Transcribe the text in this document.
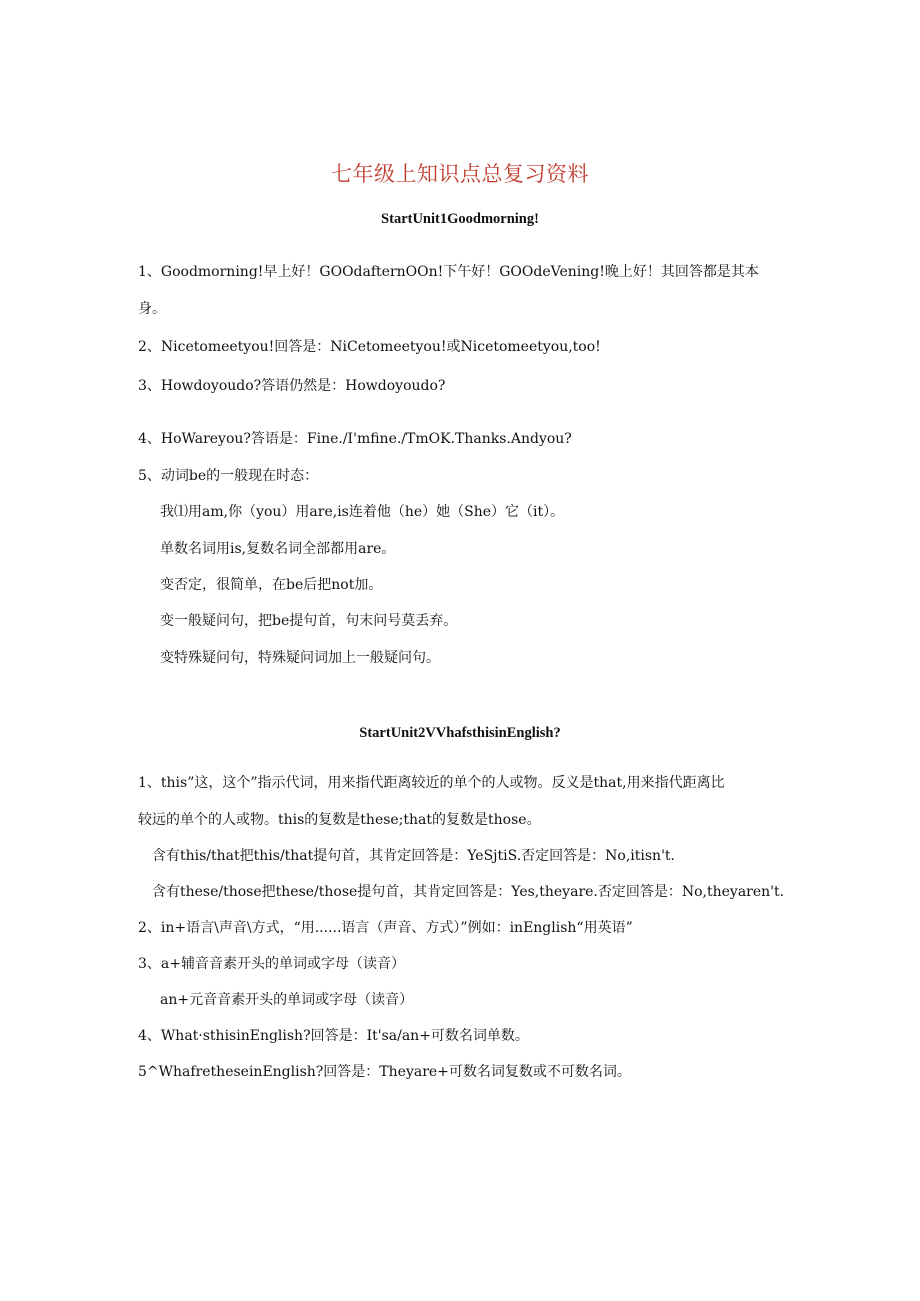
七年级上知识点总复习资料
StartUnit1Goodmorning!
1、Goodmorning!早上好！GOOdafternOOn!下午好！GOOdeVening!晚上好！其回答都是其本
身。
2、Nicetomeetyou!回答是：NiCetomeetyou!或Nicetomeetyou,too!
3、Howdoyoudo?答语仍然是：Howdoyoudo?
4、HoWareyou?答语是：Fine./I'mfine./TmOK.Thanks.Andyou?
5、动词be的一般现在时态：
我⑴用am,你（you）用are,is连着他（he）她（She）它（it）。
单数名词用is,复数名词全部都用are。
变否定，很简单，在be后把not加。
变一般疑问句，把be提句首，句末问号莫丢弃。
变特殊疑问句，特殊疑问词加上一般疑问句。
StartUnit2VVhafsthisinEnglish?
1、this”这，这个”指示代词，用来指代距离较近的单个的人或物。反义是that,用来指代距离比
较远的单个的人或物。this的复数是these;that的复数是those。
含有this/that把this/that提句首，其肯定回答是：YeSjtiS.否定回答是：No,itisn't.
含有these/those把these/those提句首，其肯定回答是：Yes,theyare.否定回答是：No,theyaren't.
2、in+语言\声音\方式，“用......语言（声音、方式）”例如：inEnglish“用英语”
3、a+辅音音素开头的单词或字母（读音）
an+元音音素开头的单词或字母（读音）
4、What·sthisinEnglish?回答是：It'sa/an+可数名词单数。
5^WhafretheseinEnglish?回答是：Theyare+可数名词复数或不可数名词。
